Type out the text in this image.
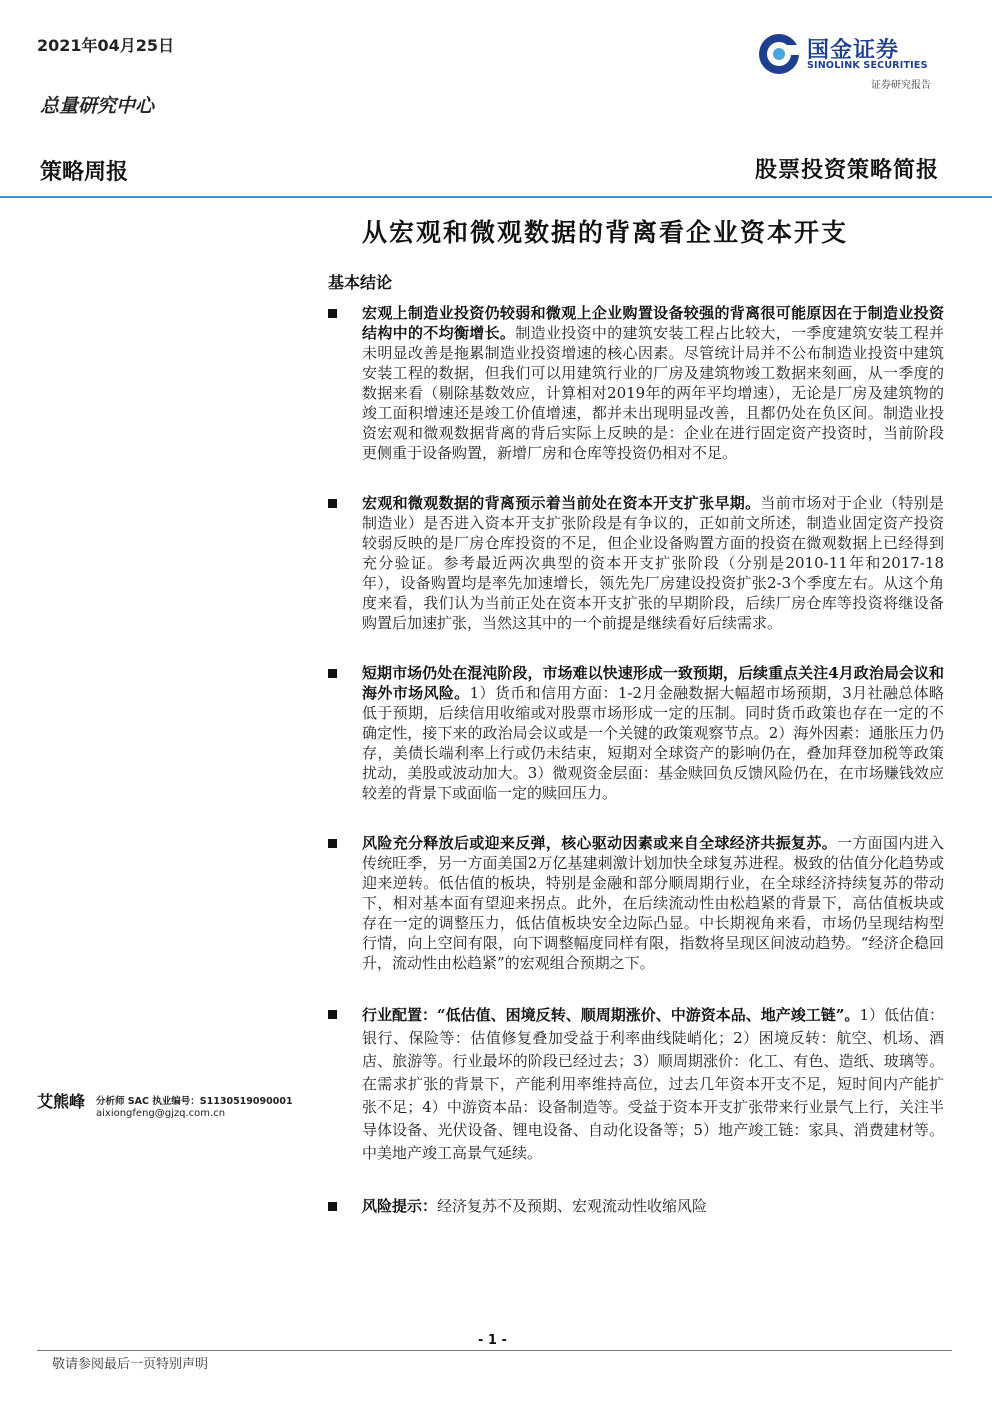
2021年04月25日
总量研究中心
国金证券
SINOLINK SECURITIES
证券研究报告
策略周报	股票投资策略简报
从宏观和微观数据的背离看企业资本开支
基本结论
宏观上制造业投资仍较弱和微观上企业购置设备较强的背离很可能原因在于制造业投资结构中的不均衡增长。制造业投资中的建筑安装工程占比较大，一季度建筑安装工程并未明显改善是拖累制造业投资增速的核心因素。尽管统计局并不公布制造业投资中建筑安装工程的数据，但我们可以用建筑行业的厂房及建筑物竣工数据来刻画，从一季度的数据来看（剔除基数效应，计算相对2019年的两年平均增速），无论是厂房及建筑物的竣工面积增速还是竣工价值增速，都并未出现明显改善，且都仍处在负区间。制造业投资宏观和微观数据背离的背后实际上反映的是：企业在进行固定资产投资时，当前阶段更侧重于设备购置，新增厂房和仓库等投资仍相对不足。
宏观和微观数据的背离预示着当前处在资本开支扩张早期。当前市场对于企业（特别是制造业）是否进入资本开支扩张阶段是有争议的，正如前文所述，制造业固定资产投资较弱反映的是厂房仓库投资的不足，但企业设备购置方面的投资在微观数据上已经得到充分验证。参考最近两次典型的资本开支扩张阶段（分别是2010-11年和2017-18年），设备购置均是率先加速增长，领先先厂房建设投资扩张2-3个季度左右。从这个角度来看，我们认为当前正处在资本开支扩张的早期阶段，后续厂房仓库等投资将继设备购置后加速扩张，当然这其中的一个前提是继续看好后续需求。
短期市场仍处在混沌阶段，市场难以快速形成一致预期，后续重点关注4月政治局会议和海外市场风险。1）货币和信用方面：1-2月金融数据大幅超市场预期，3月社融总体略低于预期，后续信用收缩或对股票市场形成一定的压制。同时货币政策也存在一定的不确定性，接下来的政治局会议或是一个关键的政策观察节点。2）海外因素：通胀压力仍存，美债长端利率上行或仍未结束，短期对全球资产的影响仍在，叠加拜登加税等政策扰动，美股或波动加大。3）微观资金层面：基金赎回负反馈风险仍在，在市场赚钱效应较差的背景下或面临一定的赎回压力。
风险充分释放后或迎来反弹，核心驱动因素或来自全球经济共振复苏。一方面国内进入传统旺季，另一方面美国2万亿基建刺激计划加快全球复苏进程。极致的估值分化趋势或迎来逆转。低估值的板块，特别是金融和部分顺周期行业，在全球经济持续复苏的带动下，相对基本面有望迎来拐点。此外，在后续流动性由松趋紧的背景下，高估值板块或存在一定的调整压力，低估值板块安全边际凸显。中长期视角来看，市场仍呈现结构型行情，向上空间有限，向下调整幅度同样有限，指数将呈现区间波动趋势。“经济企稳回升，流动性由松趋紧”的宏观组合预期之下。
行业配置：“低估值、困境反转、顺周期涨价、中游资本品、地产竣工链”。1）低估值：银行、保险等：估值修复叠加受益于利率曲线陡峭化；2）困境反转：航空、机场、酒店、旅游等。行业最坏的阶段已经过去；3）顺周期涨价：化工、有色、造纸、玻璃等。在需求扩张的背景下，产能利用率维持高位，过去几年资本开支不足，短时间内产能扩张不足；4）中游资本品：设备制造等。受益于资本开支扩张带来行业景气上行，关注半导体设备、光伏设备、锂电设备、自动化设备等；5）地产竣工链：家具、消费建材等。中美地产竣工高景气延续。
风险提示：经济复苏不及预期、宏观流动性收缩风险
艾熊峰 分析师 SAC 执业编号：S1130519090001
aixiongfeng@gjzq.com.cn
- 1 -
敬请参阅最后一页特别声明
